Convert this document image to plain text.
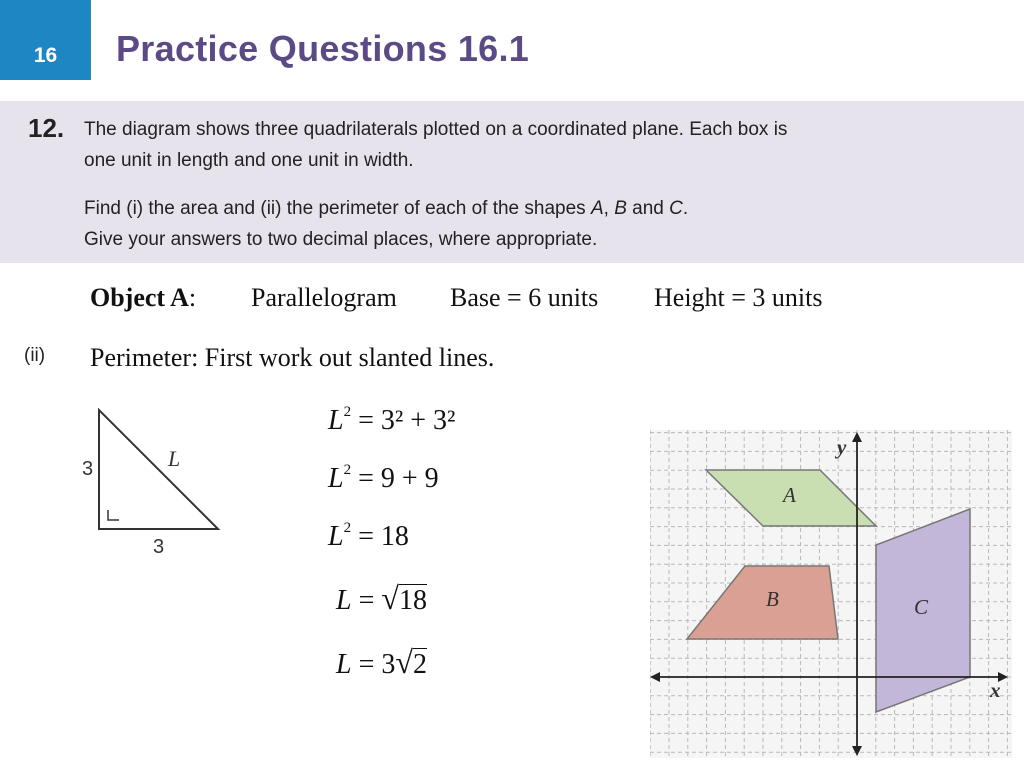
16	Practice Questions 16.1
12. The diagram shows three quadrilaterals plotted on a coordinated plane. Each box is
one unit in length and one unit in width.
Find (i) the area and (ii) the perimeter of each of the shapes A, B and C.
Give your answers to two decimal places, where appropriate.
Object A: Parallelogram Base = 6 units Height = 3 units
(ii) Perimeter: First work out slanted lines.
3
3
L
$L^2 = 3^2 + 3^2$
$L^2 = 9 + 9$
$L^2 = 18$
L = √18
L = 3√2
y
x
A
B	C
